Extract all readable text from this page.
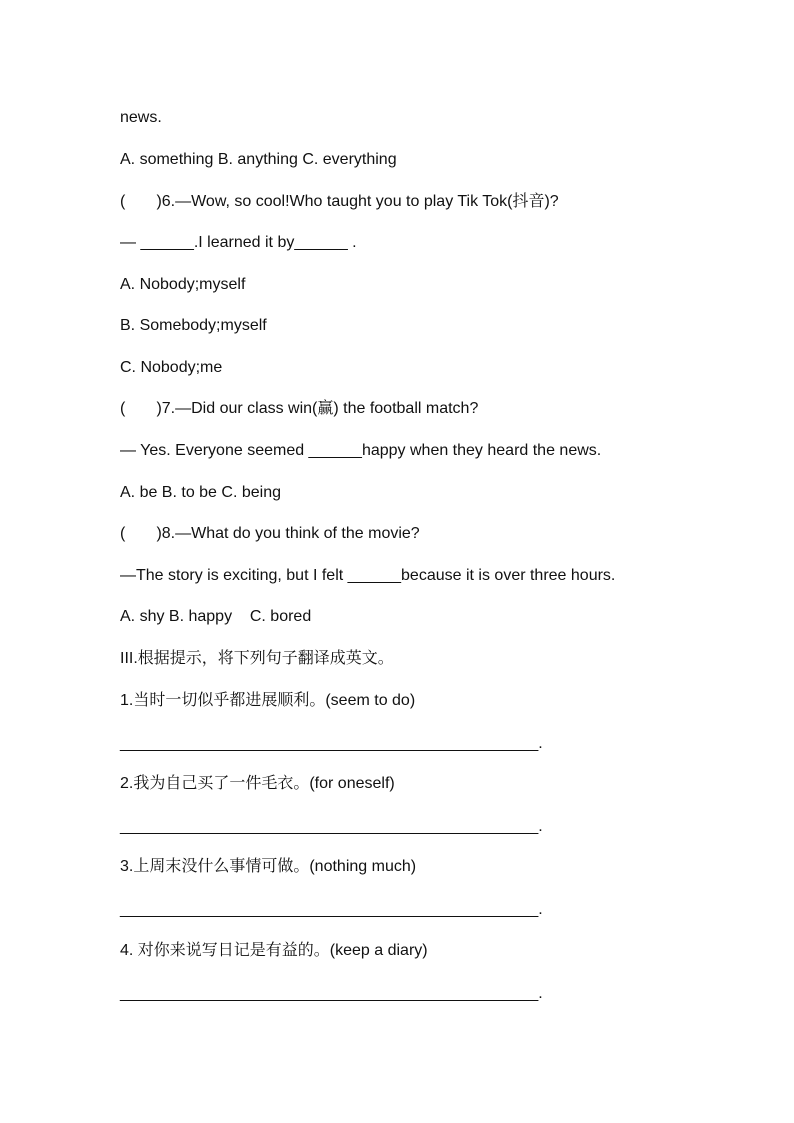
news.
A. something B. anything C. everything
(       )6.—Wow, so cool!Who taught you to play Tik Tok(抖音)?
— ______.I learned it by______ .
A. Nobody;myself
B. Somebody;myself
C. Nobody;me
(       )7.—Did our class win(赢) the football match?
— Yes. Everyone seemed ______happy when they heard the news.
A. be B. to be C. being
(       )8.—What do you think of the movie?
—The story is exciting, but I felt ______because it is over three hours.
A. shy B. happy    C. bored
III.根据提示，将下列句子翻译成英文。
1.当时一切似乎都进展顺利。(seem to do)
_______________________________________________.
2.我为自己买了一件毛衣。(for oneself)
_______________________________________________.
3.上周末没什么事情可做。(nothing much)
_______________________________________________.
4. 对你来说写日记是有益的。(keep a diary)
_______________________________________________.
